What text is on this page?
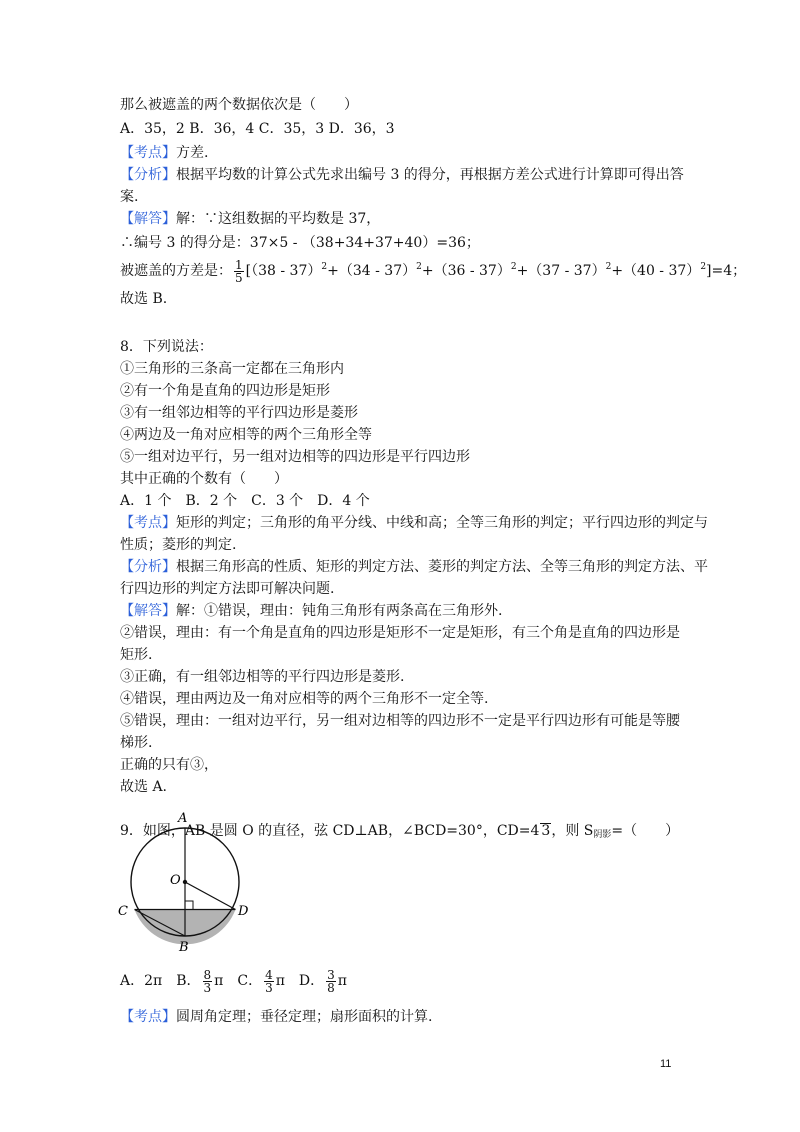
那么被遮盖的两个数据依次是（　　）
A．35，2 B．36，4 C．35，3 D．36，3
【考点】方差.
【分析】根据平均数的计算公式先求出编号 3 的得分，再根据方差公式进行计算即可得出答
案.
【解答】解：∵这组数据的平均数是 37，
∴编号 3 的得分是：37×5 - （38+34+37+40）=36；
被遮盖的方差是： $\frac{1}{5} [(38 - 37)^2+(34 - 37)^2+(36 - 37)^2+(37 - 37)^2+(40 - 37)^2]=4$；
故选 B.
8．下列说法：
①三角形的三条高一定都在三角形内
②有一个角是直角的四边形是矩形
③有一组邻边相等的平行四边形是菱形
④两边及一角对应相等的两个三角形全等
⑤一组对边平行，另一组对边相等的四边形是平行四边形
其中正确的个数有（　　）
A．1 个　B．2 个　C．3 个　D．4 个
【考点】矩形的判定；三角形的角平分线、中线和高；全等三角形的判定；平行四边形的判定与
性质；菱形的判定.
【分析】根据三角形高的性质、矩形的判定方法、菱形的判定方法、全等三角形的判定方法、平
行四边形的判定方法即可解决问题.
【解答】解：①错误，理由：钝角三角形有两条高在三角形外.
②错误，理由：有一个角是直角的四边形是矩形不一定是矩形，有三个角是直角的四边形是
矩形.
③正确，有一组邻边相等的平行四边形是菱形.
④错误，理由两边及一角对应相等的两个三角形不一定全等.
⑤错误，理由：一组对边平行，另一组对边相等的四边形不一定是平行四边形有可能是等腰
梯形.
正确的只有③，
故选 A.
9．如图，AB 是圆 O 的直径，弦 CD⊥AB，∠BCD=30°，CD=4 3，则 $S_{阴影}=$（　　）
A
O
C	D
B
A．2π　B． $\frac{8}{3}$ π　C． $\frac{4}{3}$ π　D． $\frac{3}{8}$ π
【考点】圆周角定理；垂径定理；扇形面积的计算.
11
